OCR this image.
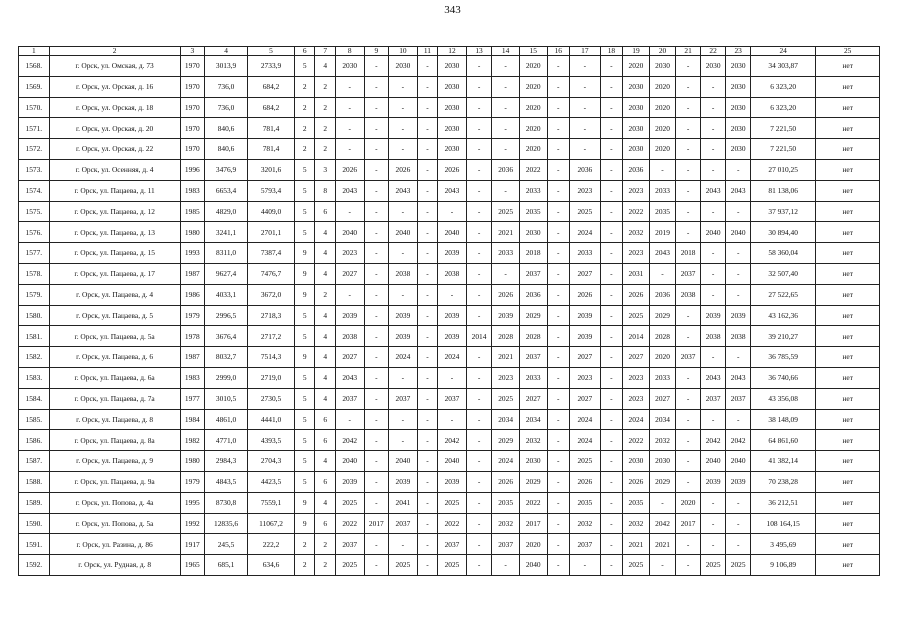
343
1	2	3	4	5	6	7	8	9	10	11	12	13	14	15	16	17	18	19	20	21	22	23	24	25
1568.	г. Орск, ул. Омская, д. 73	1970	3013,9	2733,9	5	4	2030	-	2030	-	2030	-	-	2020	-	-	-	2020	2030	-	2030	2030	34 303,87	нет
1569.	г. Орск, ул. Орская, д. 16	1970	736,0	684,2	2	2	-	-	-	-	2030	-	-	2020	-	-	-	2030	2020	-	-	2030	6 323,20	нет
1570.	г. Орск, ул. Орская, д. 18	1970	736,0	684,2	2	2	-	-	-	-	2030	-	-	2020	-	-	-	2030	2020	-	-	2030	6 323,20	нет
1571.	г. Орск, ул. Орская, д. 20	1970	840,6	781,4	2	2	-	-	-	-	2030	-	-	2020	-	-	-	2030	2020	-	-	2030	7 221,50	нет
1572.	г. Орск, ул. Орская, д. 22	1970	840,6	781,4	2	2	-	-	-	-	2030	-	-	2020	-	-	-	2030	2020	-	-	2030	7 221,50	нет
1573.	г. Орск, ул. Осенняя, д. 4	1996	3476,9	3201,6	5	3	2026	-	2026	-	2026	-	2036	2022	-	2036	-	2036	-	-	-	-	27 010,25	нет
1574.	г. Орск, ул. Пацаева, д. 11	1983	6653,4	5793,4	5	8	2043	-	2043	-	2043	-	-	2033	-	2023	-	2023	2033	-	2043	2043	81 138,06	нет
1575.	г. Орск, ул. Пацаева, д. 12	1985	4829,0	4409,0	5	6	-	-	-	-	-	-	2025	2035	-	2025	-	2022	2035	-	-	-	37 937,12	нет
1576.	г. Орск, ул. Пацаева, д. 13	1980	3241,1	2701,1	5	4	2040	-	2040	-	2040	-	2021	2030	-	2024	-	2032	2019	-	2040	2040	30 894,40	нет
1577.	г. Орск, ул. Пацаева, д. 15	1993	8311,0	7387,4	9	4	2023	-	-	-	2039	-	2033	2018	-	2033	-	2023	2043	2018	-	-	58 360,04	нет
1578.	г. Орск, ул. Пацаева, д. 17	1987	9627,4	7476,7	9	4	2027	-	2038	-	2038	-	-	2037	-	2027	-	2031	-	2037	-	-	32 507,40	нет
1579.	г. Орск, ул. Пацаева, д. 4	1986	4033,1	3672,0	9	2	-	-	-	-	-	-	2026	2036	-	2026	-	2026	2036	2038	-	-	27 522,65	нет
1580.	г. Орск, ул. Пацаева, д. 5	1979	2996,5	2718,3	5	4	2039	-	2039	-	2039	-	2039	2029	-	2039	-	2025	2029	-	2039	2039	43 162,36	нет
1581.	г. Орск, ул. Пацаева, д. 5а	1978	3676,4	2717,2	5	4	2038	-	2039	-	2039	2014	2028	2028	-	2039	-	2014	2028	-	2038	2038	39 210,27	нет
1582.	г. Орск, ул. Пацаева, д. 6	1987	8032,7	7514,3	9	4	2027	-	2024	-	2024	-	2021	2037	-	2027	-	2027	2020	2037	-	-	36 785,59	нет
1583.	г. Орск, ул. Пацаева, д. 6а	1983	2999,0	2719,0	5	4	2043	-	-	-	-	-	2023	2033	-	2023	-	2023	2033	-	2043	2043	36 740,66	нет
1584.	г. Орск, ул. Пацаева, д. 7а	1977	3010,5	2730,5	5	4	2037	-	2037	-	2037	-	2025	2027	-	2027	-	2023	2027	-	2037	2037	43 356,08	нет
1585.	г. Орск, ул. Пацаева, д. 8	1984	4861,0	4441,0	5	6	-	-	-	-	-	-	2034	2034	-	2024	-	2024	2034	-	-	-	38 148,09	нет
1586.	г. Орск, ул. Пацаева, д. 8а	1982	4771,0	4393,5	5	6	2042	-	-	-	2042	-	2029	2032	-	2024	-	2022	2032	-	2042	2042	64 861,60	нет
1587.	г. Орск, ул. Пацаева, д. 9	1980	2984,3	2704,3	5	4	2040	-	2040	-	2040	-	2024	2030	-	2025	-	2030	2030	-	2040	2040	41 382,14	нет
1588.	г. Орск, ул. Пацаева, д. 9а	1979	4843,5	4423,5	5	6	2039	-	2039	-	2039	-	2026	2029	-	2026	-	2026	2029	-	2039	2039	70 238,28	нет
1589.	г. Орск, ул. Попова, д. 4а	1995	8730,8	7559,1	9	4	2025	-	2041	-	2025	-	2035	2022	-	2035	-	2035	-	2020	-	-	36 212,51	нет
1590.	г. Орск, ул. Попова, д. 5а	1992	12835,6	11067,2	9	6	2022	2017	2037	-	2022	-	2032	2017	-	2032	-	2032	2042	2017	-	-	108 164,15	нет
1591.	г. Орск, ул. Разина, д. 86	1917	245,5	222,2	2	2	2037	-	-	-	2037	-	2037	2020	-	2037	-	2021	2021	-	-	-	3 495,69	нет
1592.	г. Орск, ул. Рудная, д. 8	1965	685,1	634,6	2	2	2025	-	2025	-	2025	-	-	2040	-	-	-	2025	-	-	2025	2025	9 106,89	нет
